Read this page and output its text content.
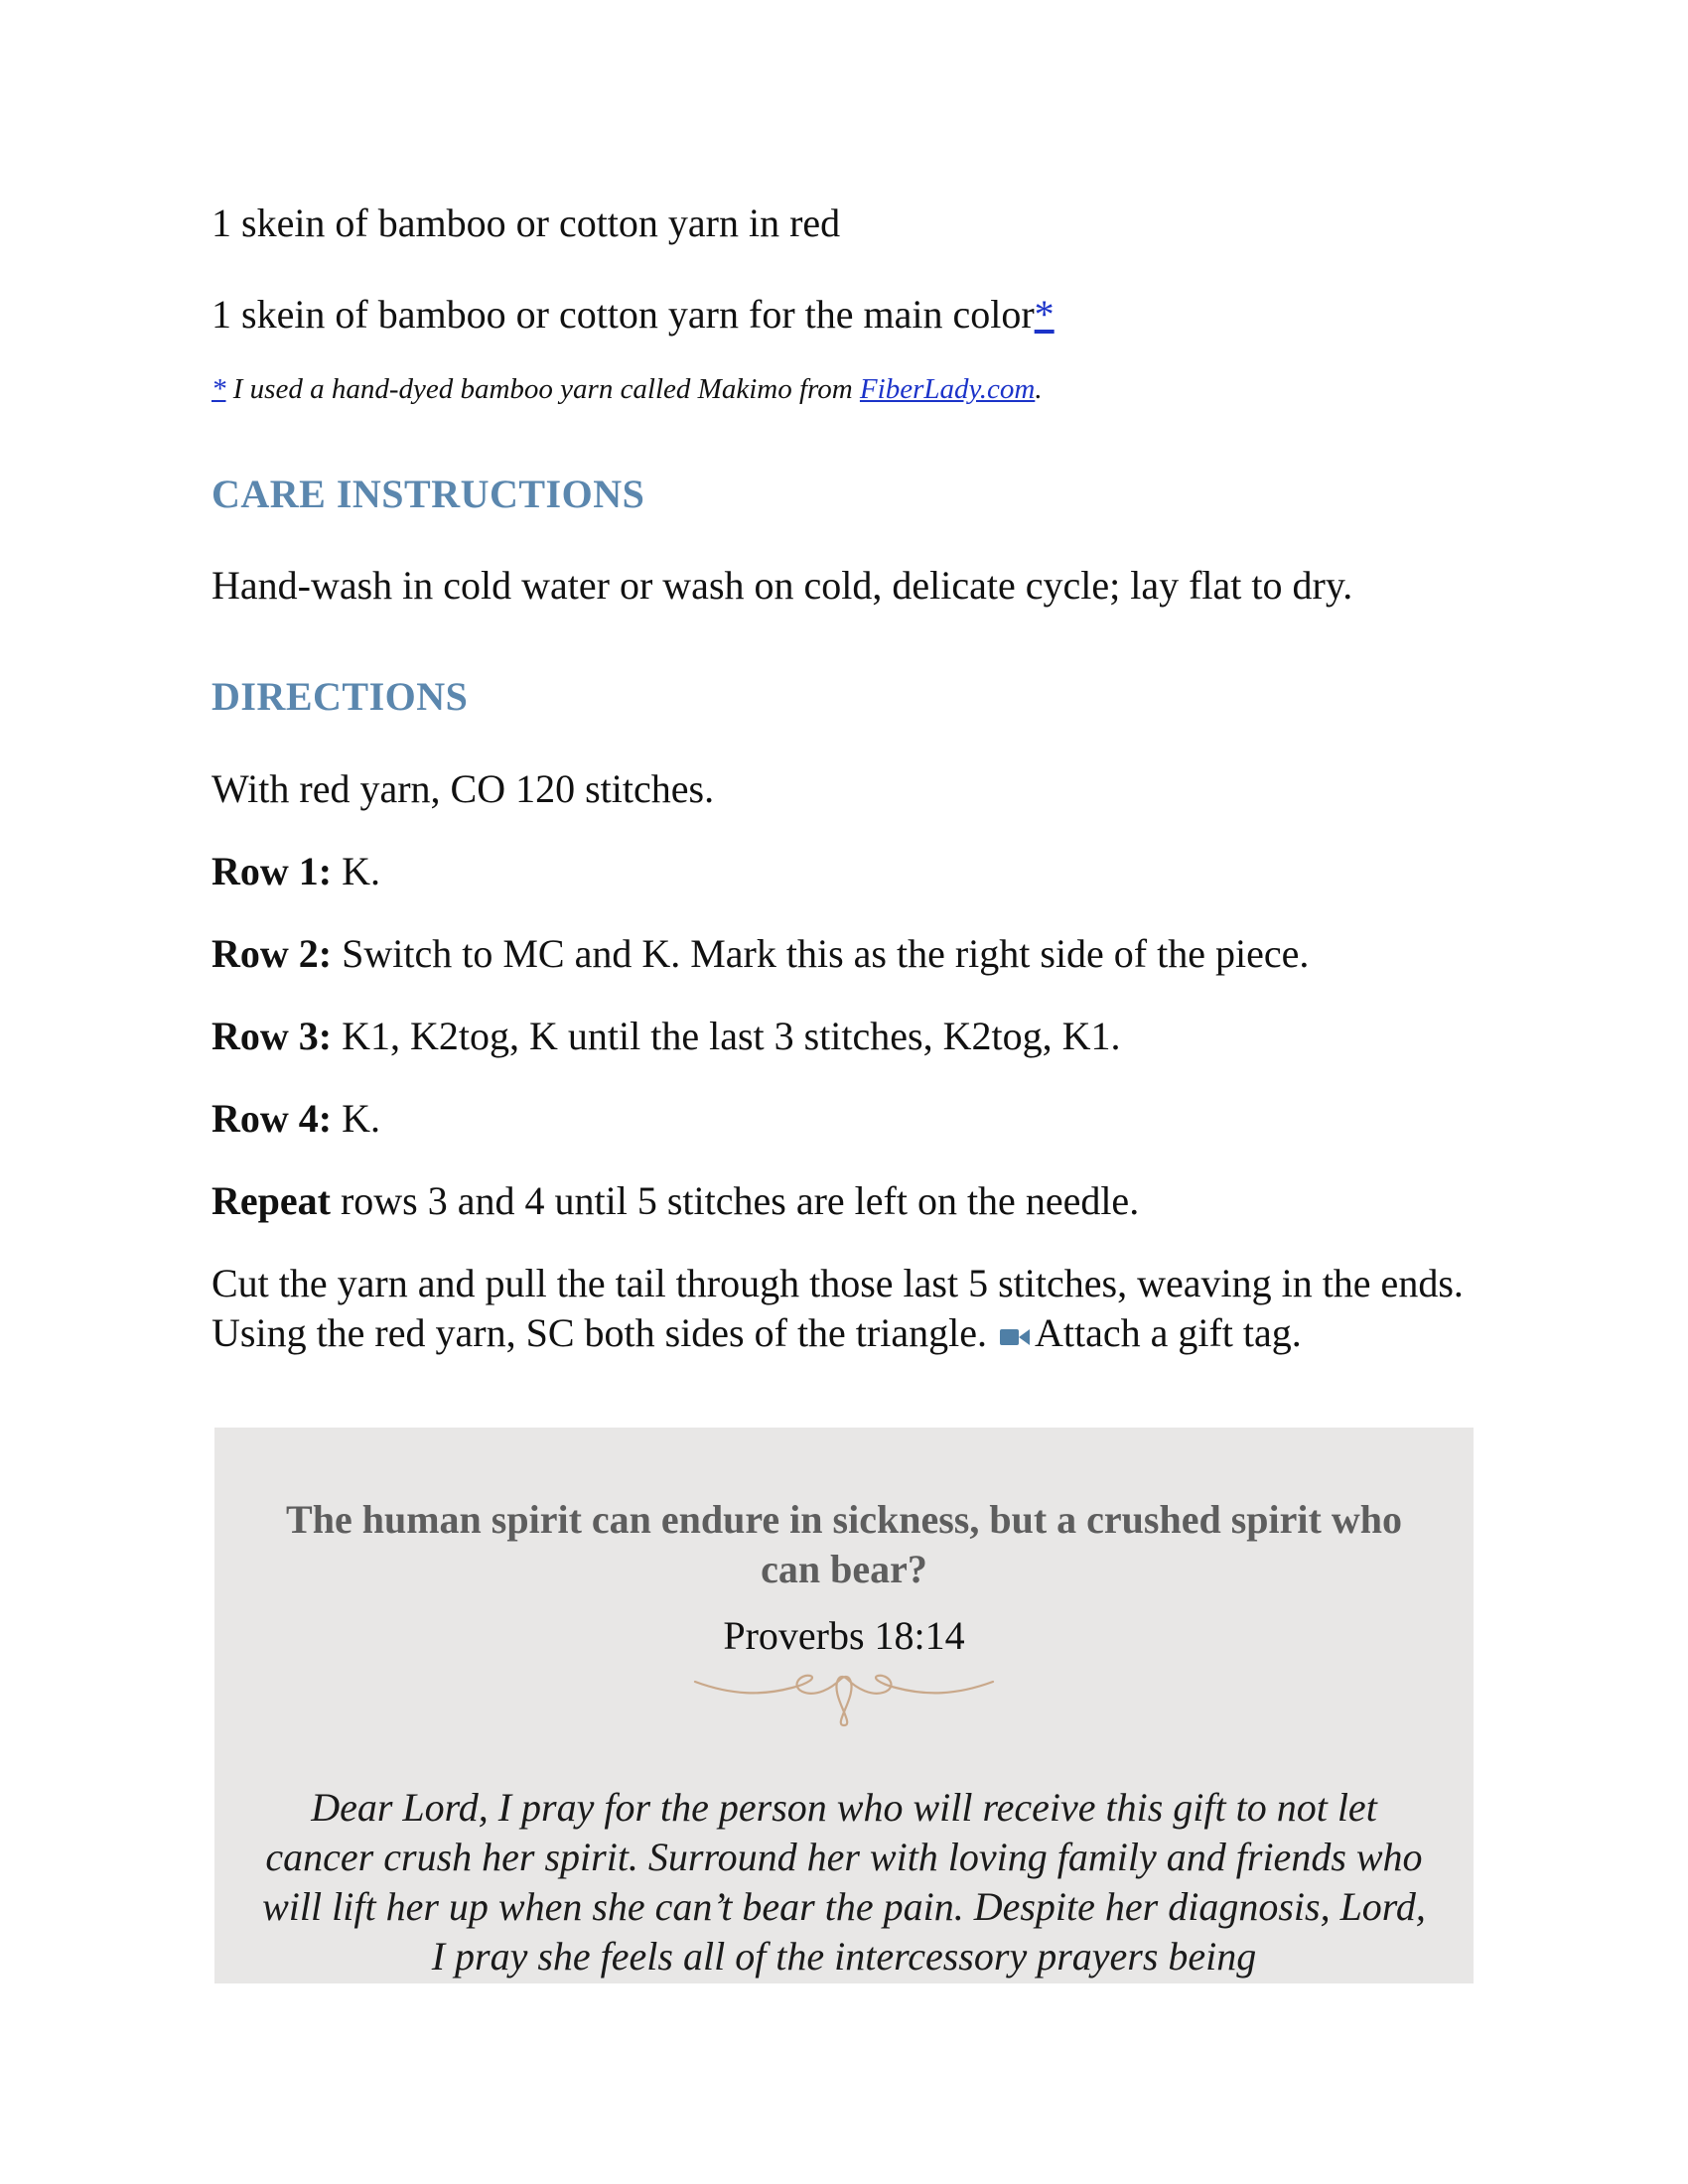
1 skein of bamboo or cotton yarn in red
1 skein of bamboo or cotton yarn for the main color*
* I used a hand-dyed bamboo yarn called Makimo from FiberLady.com.
CARE INSTRUCTIONS
Hand-wash in cold water or wash on cold, delicate cycle; lay flat to dry.
DIRECTIONS
With red yarn, CO 120 stitches.
Row 1: K.
Row 2: Switch to MC and K. Mark this as the right side of the piece.
Row 3: K1, K2tog, K until the last 3 stitches, K2tog, K1.
Row 4: K.
Repeat rows 3 and 4 until 5 stitches are left on the needle.
Cut the yarn and pull the tail through those last 5 stitches, weaving in the ends. Using the red yarn, SC both sides of the triangle. Attach a gift tag.
The human spirit can endure in sickness, but a crushed spirit who can bear?
Proverbs 18:14
Dear Lord, I pray for the person who will receive this gift to not let cancer crush her spirit. Surround her with loving family and friends who will lift her up when she can’t bear the pain. Despite her diagnosis, Lord, I pray she feels all of the intercessory prayers being
